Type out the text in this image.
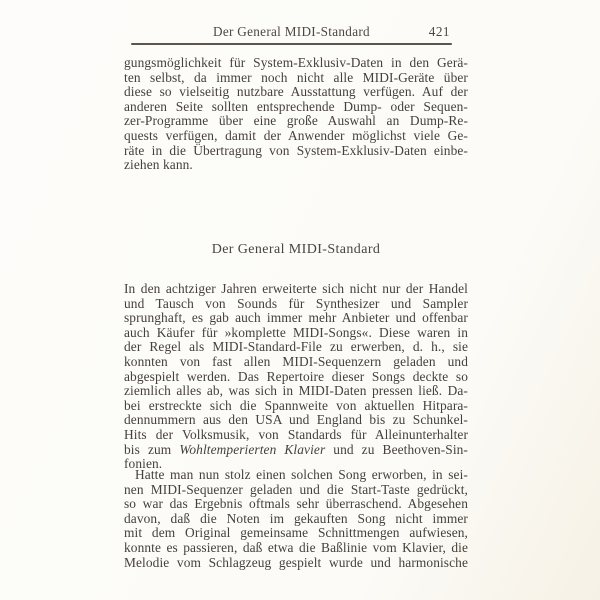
Der General MIDI-Standard	421
gungsmöglichkeit für System-Exklusiv-Daten in den Gerä-
ten selbst, da immer noch nicht alle MIDI-Geräte über
diese so vielseitig nutzbare Ausstattung verfügen. Auf der
anderen Seite sollten entsprechende Dump- oder Sequen-
zer-Programme über eine große Auswahl an Dump-Re-
quests verfügen, damit der Anwender möglichst viele Ge-
räte in die Übertragung von System-Exklusiv-Daten einbe-
ziehen kann.
Der General MIDI-Standard
In den achtziger Jahren erweiterte sich nicht nur der Handel
und Tausch von Sounds für Synthesizer und Sampler
sprunghaft, es gab auch immer mehr Anbieter und offenbar
auch Käufer für »komplette MIDI-Songs«. Diese waren in
der Regel als MIDI-Standard-File zu erwerben, d. h., sie
konnten von fast allen MIDI-Sequenzern geladen und
abgespielt werden. Das Repertoire dieser Songs deckte so
ziemlich alles ab, was sich in MIDI-Daten pressen ließ. Da-
bei erstreckte sich die Spannweite von aktuellen Hitpara-
dennummern aus den USA und England bis zu Schunkel-
Hits der Volksmusik, von Standards für Alleinunterhalter
bis zum Wohltemperierten Klavier und zu Beethoven-Sin-
fonien.
Hatte man nun stolz einen solchen Song erworben, in sei-
nen MIDI-Sequenzer geladen und die Start-Taste gedrückt,
so war das Ergebnis oftmals sehr überraschend. Abgesehen
davon, daß die Noten im gekauften Song nicht immer
mit dem Original gemeinsame Schnittmengen aufwiesen,
konnte es passieren, daß etwa die Baßlinie vom Klavier, die
Melodie vom Schlagzeug gespielt wurde und harmonische
